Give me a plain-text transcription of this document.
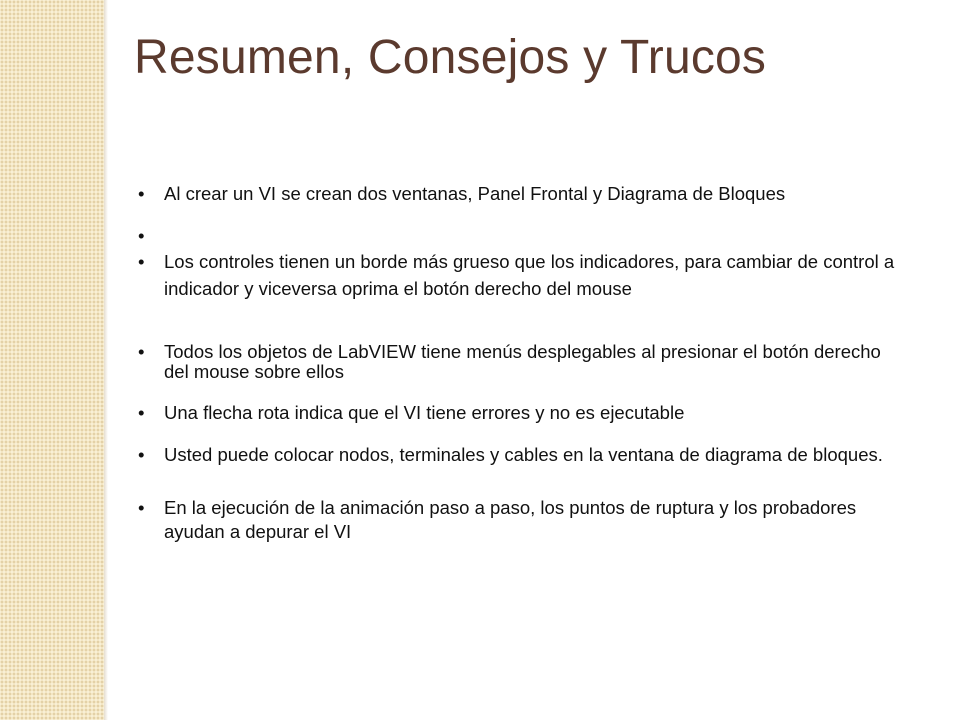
Resumen, Consejos y Trucos
•	Al crear un VI se crean dos ventanas, Panel Frontal y Diagrama de Bloques
•
•	Los controles tienen un borde más grueso que los indicadores, para cambiar de control a indicador y viceversa oprima el botón derecho del mouse
•	Todos los objetos de LabVIEW tiene menús desplegables al presionar el botón derecho del mouse sobre ellos
•	Una flecha rota indica que el VI tiene errores y no es ejecutable
•	Usted puede colocar nodos, terminales y cables en la ventana de diagrama de bloques.
•	En la ejecución de la animación paso a paso, los puntos de ruptura y los probadores ayudan a depurar el VI
